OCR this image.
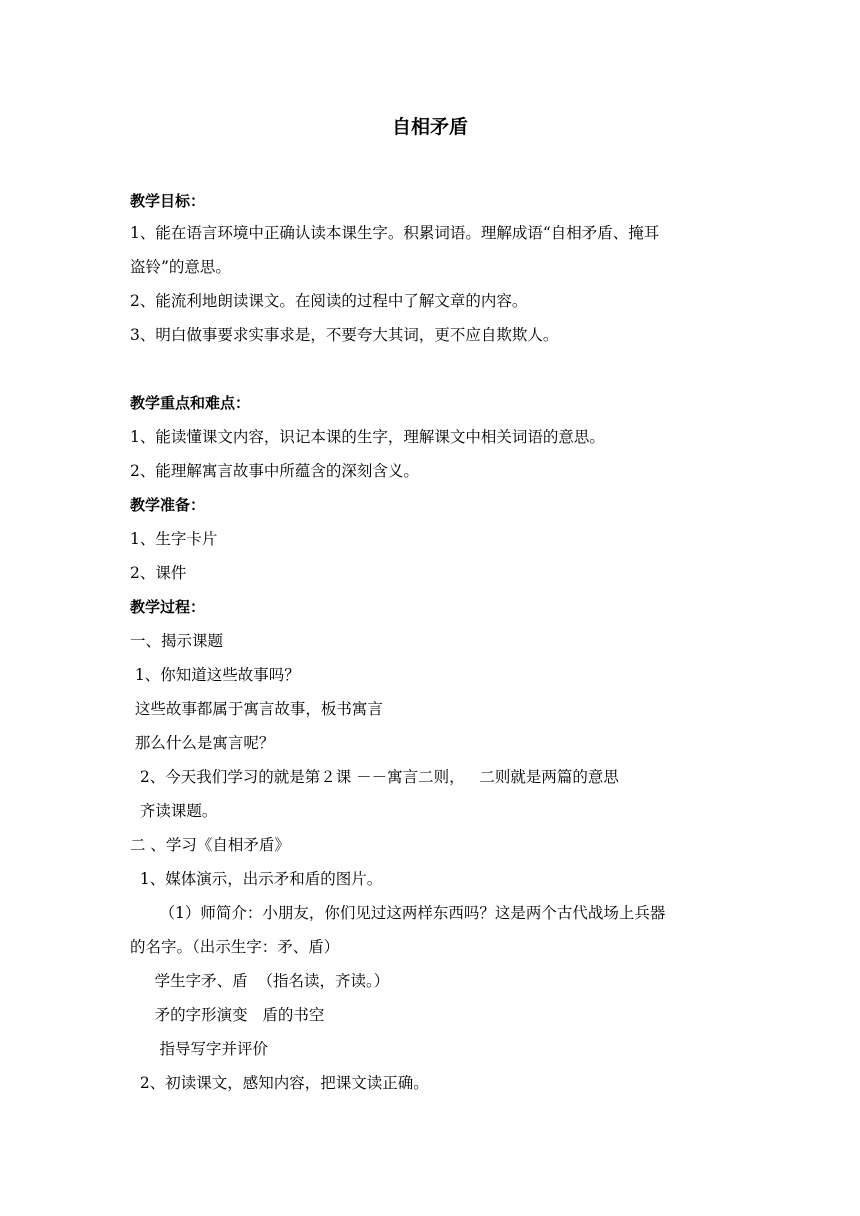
自相矛盾
教学目标：
1、能在语言环境中正确认读本课生字。积累词语。理解成语“自相矛盾、掩耳
盗铃”的意思。
2、能流利地朗读课文。在阅读的过程中了解文章的内容。
3、明白做事要求实事求是，不要夸大其词，更不应自欺欺人。
教学重点和难点：
1、能读懂课文内容，识记本课的生字，理解课文中相关词语的意思。
2、能理解寓言故事中所蕴含的深刻含义。
教学准备：
1、生字卡片
2、课件
教学过程：
一、揭示课题
1、你知道这些故事吗？
这些故事都属于寓言故事，板书寓言
那么什么是寓言呢？
2、今天我们学习的就是第２课 －－寓言二则，   二则就是两篇的意思
齐读课题。
二 、学习《自相矛盾》
1、媒体演示，出示矛和盾的图片。
（1）师简介：小朋友，你们见过这两样东西吗？这是两个古代战场上兵器
的名字。（出示生字：矛、盾）
学生字矛、盾  （指名读，齐读。）
矛的字形演变   盾的书空
指导写字并评价
2、初读课文，感知内容，把课文读正确。
